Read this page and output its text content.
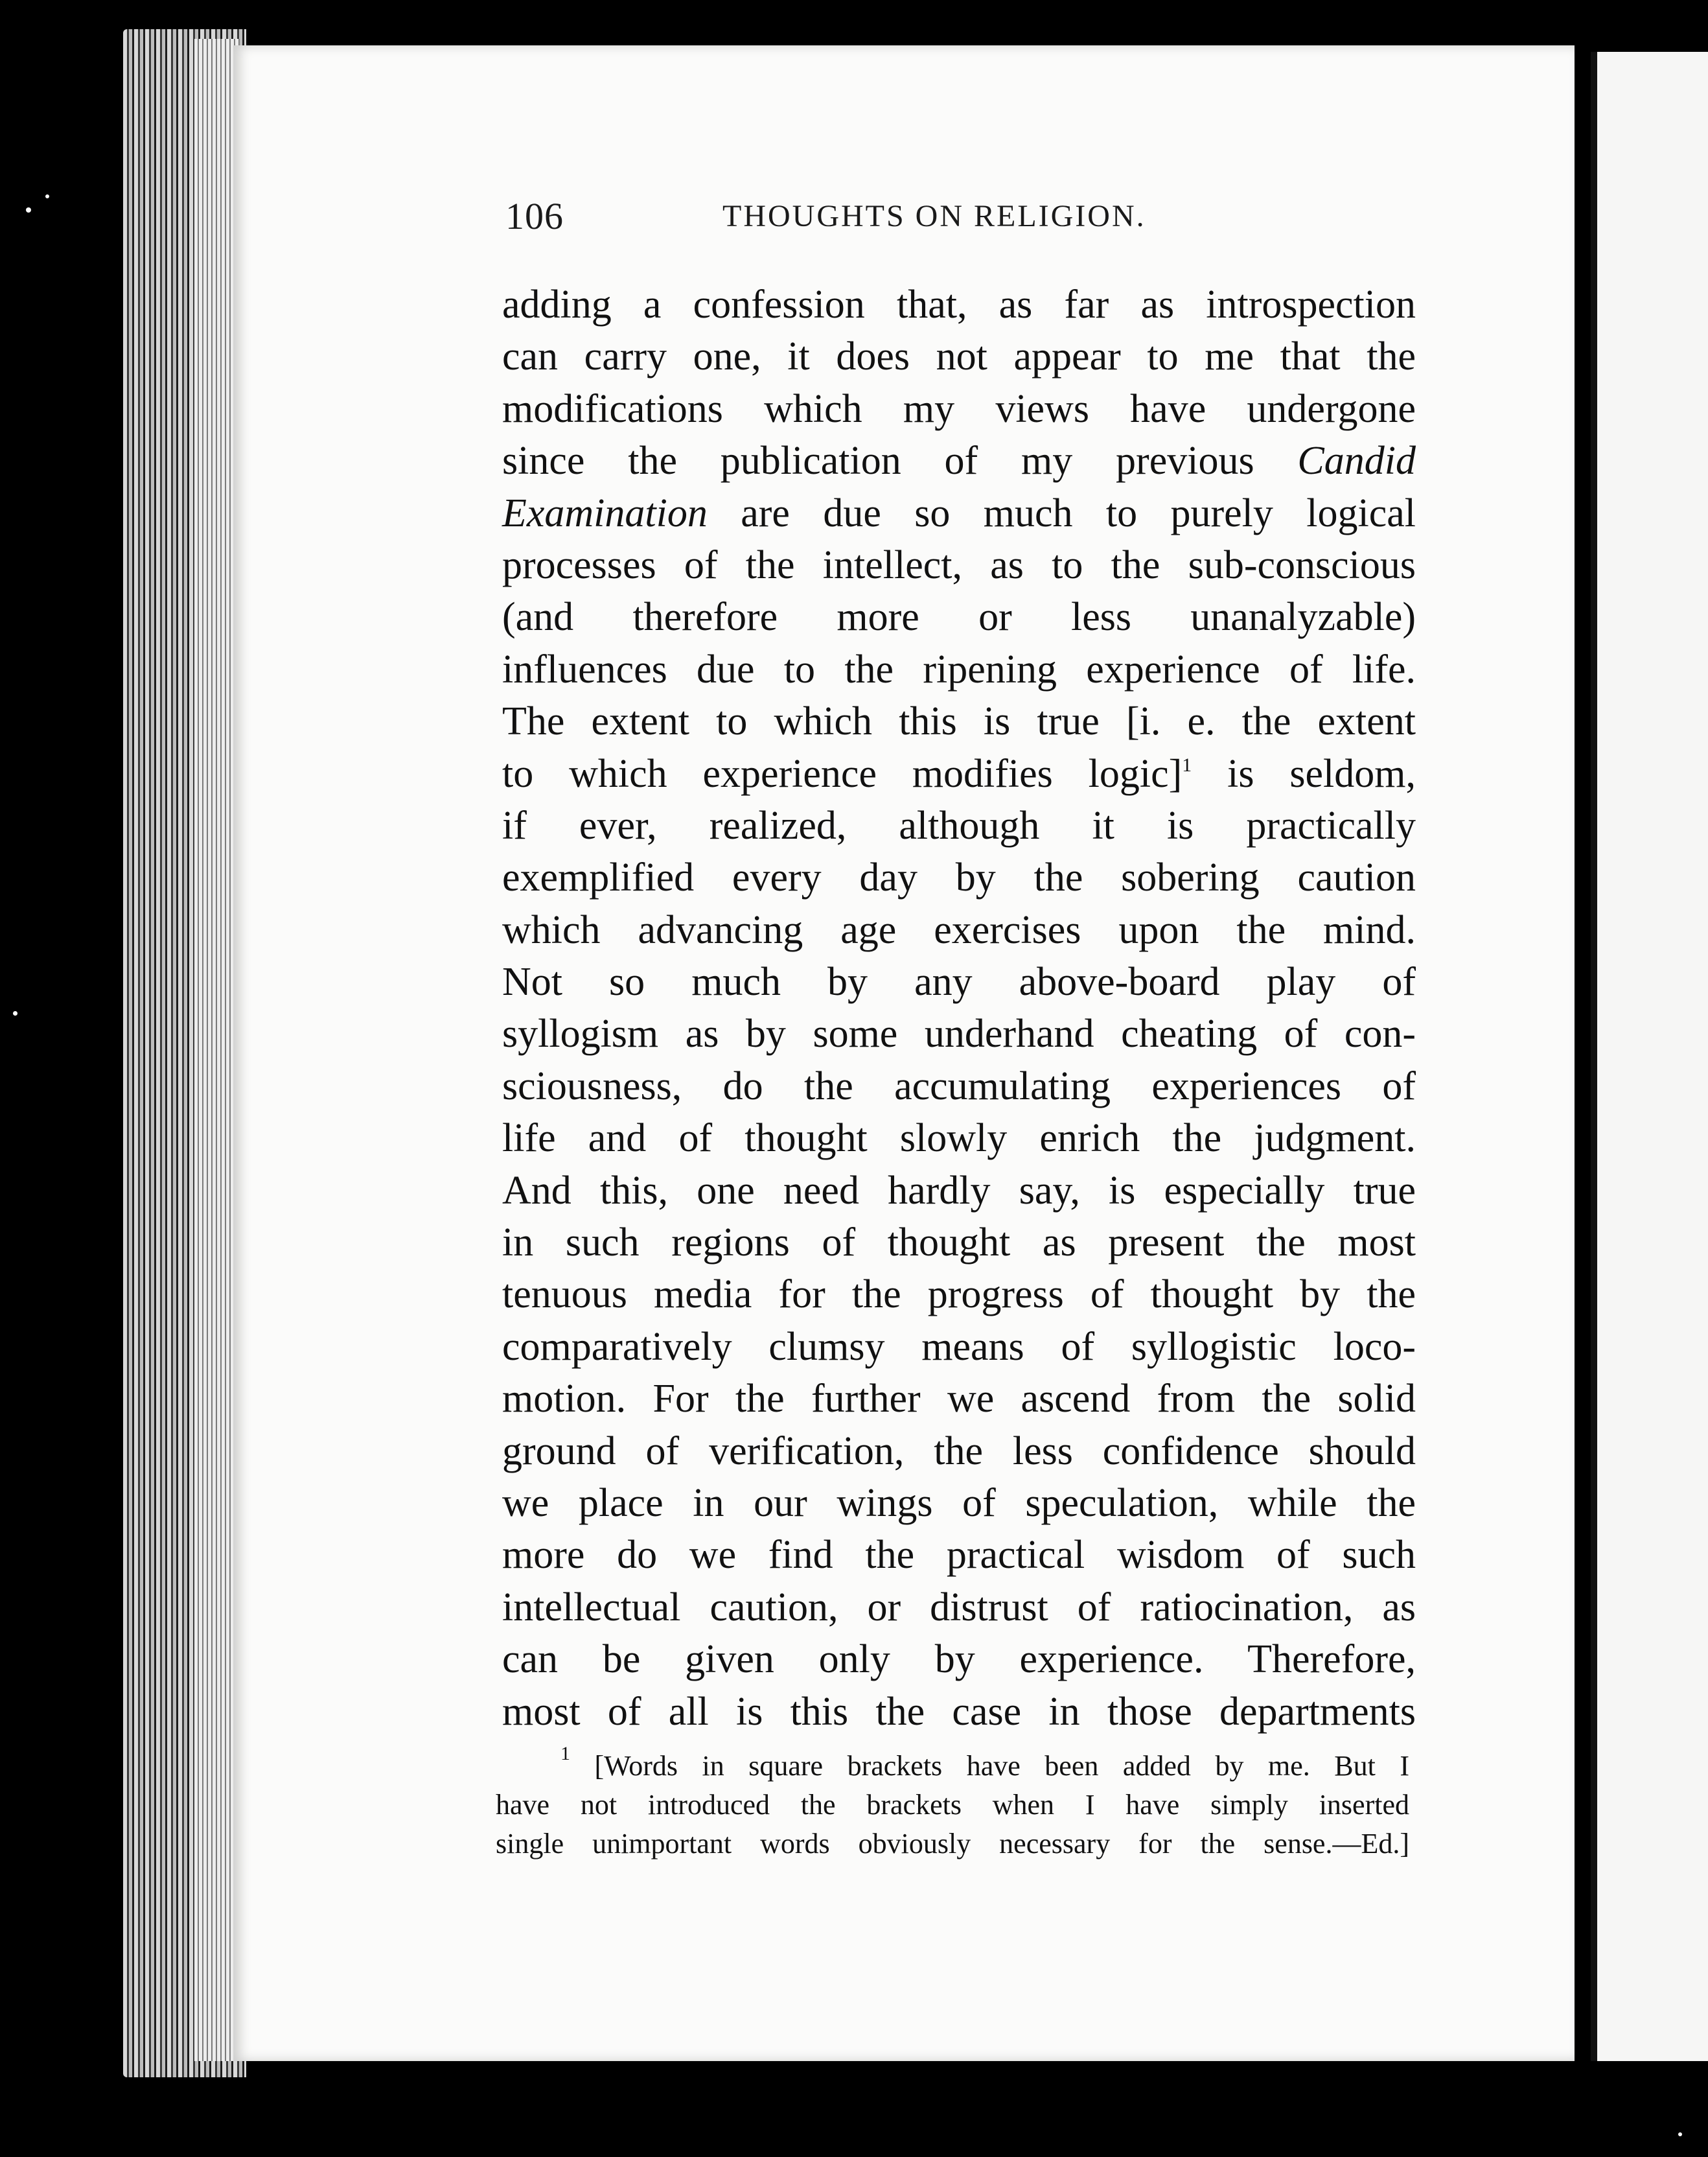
106	THOUGHTS ON RELIGION.
adding a confession that, as far as introspection
can carry one, it does not appear to me that the
modifications which my views have undergone
since the publication of my previous Candid
Examination are due so much to purely logical
processes of the intellect, as to the sub-conscious
(and therefore more or less unanalyzable)
influences due to the ripening experience of life.
The extent to which this is true [i. e. the extent
to which experience modifies logic]$^1$ is seldom,
if ever, realized, although it is practically
exemplified every day by the sobering caution
which advancing age exercises upon the mind.
Not so much by any above-board play of
syllogism as by some underhand cheating of con-
sciousness, do the accumulating experiences of
life and of thought slowly enrich the judgment.
And this, one need hardly say, is especially true
in such regions of thought as present the most
tenuous media for the progress of thought by the
comparatively clumsy means of syllogistic loco-
motion. For the further we ascend from the solid
ground of verification, the less confidence should
we place in our wings of speculation, while the
more do we find the practical wisdom of such
intellectual caution, or distrust of ratiocination, as
can be given only by experience. Therefore,
most of all is this the case in those departments
$^1$ [Words in square brackets have been added by me. But I
have not introduced the brackets when I have simply inserted
single unimportant words obviously necessary for the sense.—Ed.]
